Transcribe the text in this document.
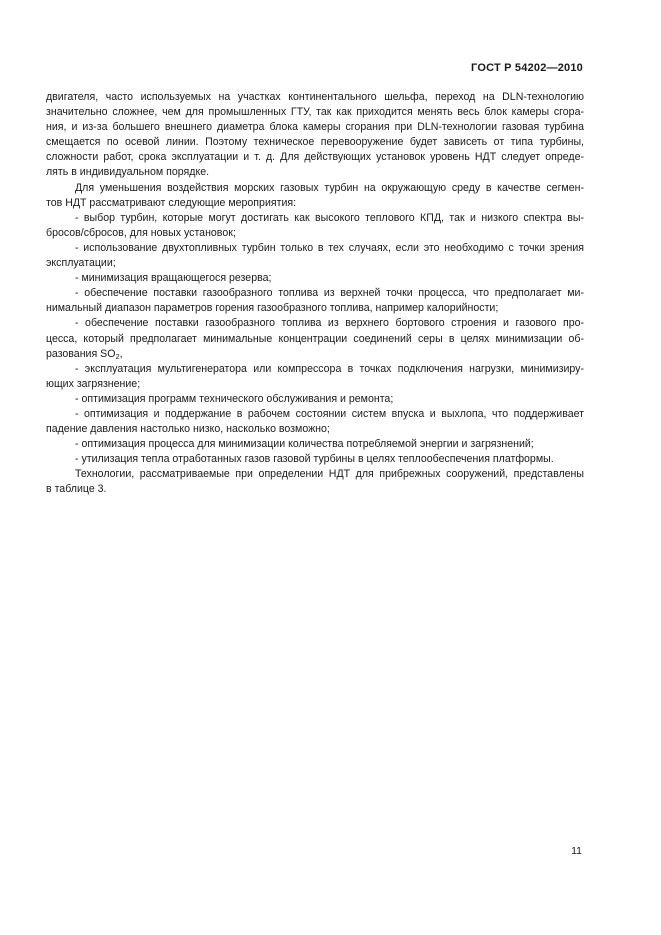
ГОСТ Р 54202—2010
двигателя, часто используемых на участках континентального шельфа, переход на DLN-технологию
значительно сложнее, чем для промышленных ГТУ, так как приходится менять весь блок камеры сгора-
ния, и из-за большего внешнего диаметра блока камеры сгорания при DLN-технологии газовая турбина
смещается по осевой линии. Поэтому техническое перевооружение будет зависеть от типа турбины,
сложности работ, срока эксплуатации и т. д. Для действующих установок уровень НДТ следует опреде-
лять в индивидуальном порядке.
Для уменьшения воздействия морских газовых турбин на окружающую среду в качестве сегмен-
тов НДТ рассматривают следующие мероприятия:
- выбор турбин, которые могут достигать как высокого теплового КПД, так и низкого спектра вы-
бросов/сбросов, для новых установок;
- использование двухтопливных турбин только в тех случаях, если это необходимо с точки зрения
эксплуатации;
- минимизация вращающегося резерва;
- обеспечение поставки газообразного топлива из верхней точки процесса, что предполагает ми-
нимальный диапазон параметров горения газообразного топлива, например калорийности;
- обеспечение поставки газообразного топлива из верхнего бортового строения и газового про-
цесса, который предполагает минимальные концентрации соединений серы в целях минимизации об-
разования $SO_2$,
- эксплуатация мультигенератора или компрессора в точках подключения нагрузки, минимизиру-
ющих загрязнение;
- оптимизация программ технического обслуживания и ремонта;
- оптимизация и поддержание в рабочем состоянии систем впуска и выхлопа, что поддерживает
падение давления настолько низко, насколько возможно;
- оптимизация процесса для минимизации количества потребляемой энергии и загрязнений;
- утилизация тепла отработанных газов газовой турбины в целях теплообеспечения платформы.
Технологии, рассматриваемые при определении НДТ для прибрежных сооружений, представлены
в таблице 3.
11
